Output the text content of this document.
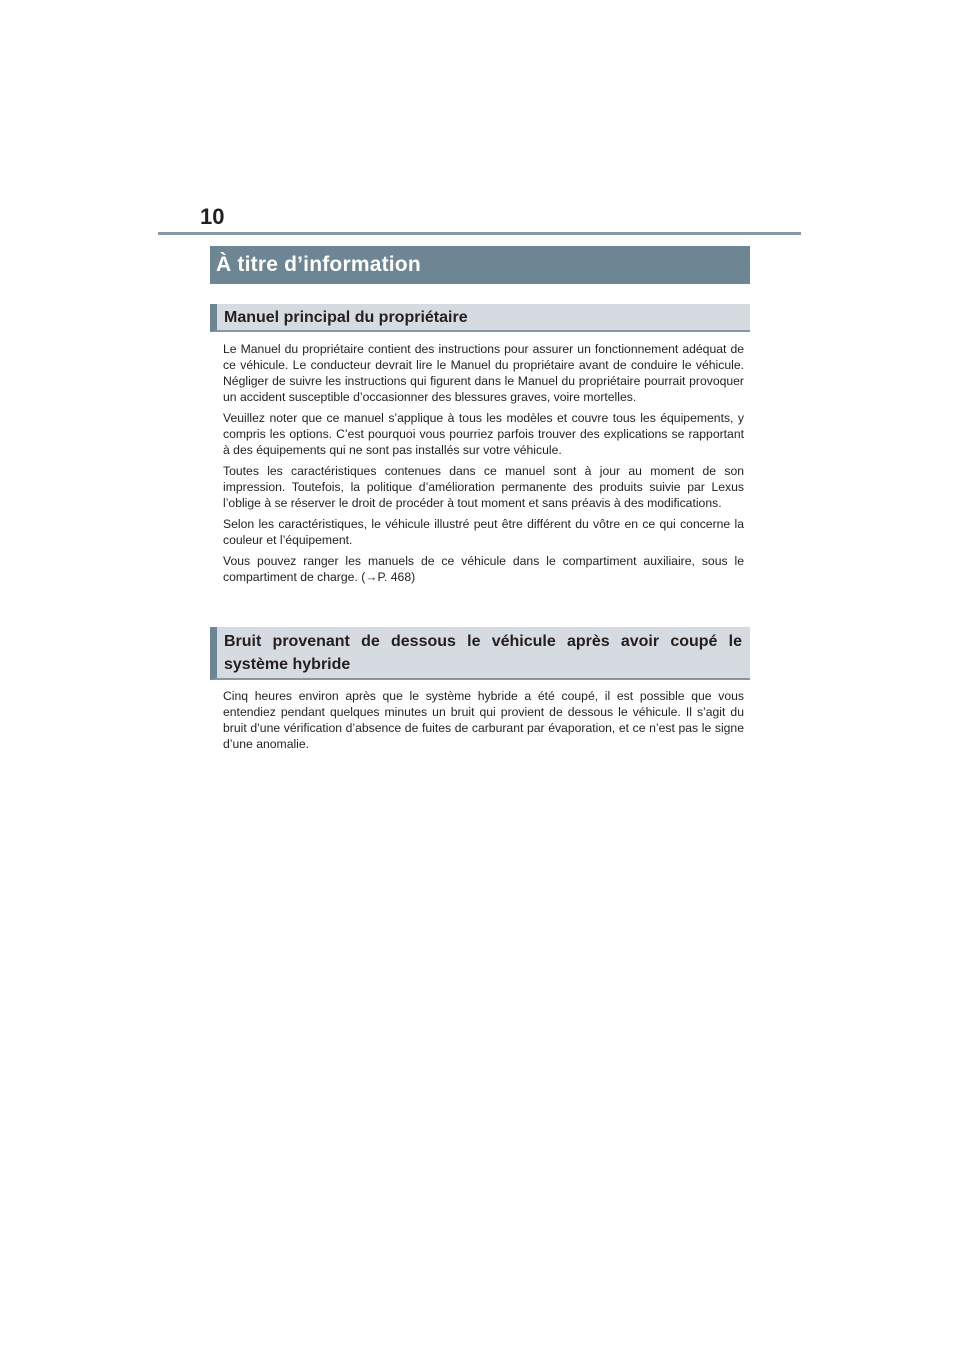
10
À titre d’information
Manuel principal du propriétaire

Le Manuel du propriétaire contient des instructions pour assurer un fonctionnement adéquat de ce véhicule. Le conducteur devrait lire le Manuel du propriétaire avant de conduire le véhicule. Négliger de suivre les instructions qui figurent dans le Manuel du propriétaire pourrait provoquer un accident susceptible d’occasionner des blessures graves, voire mortelles.

Veuillez noter que ce manuel s’applique à tous les modèles et couvre tous les équipements, y compris les options. C’est pourquoi vous pourriez parfois trouver des explications se rapportant à des équipements qui ne sont pas installés sur votre véhicule.

Toutes les caractéristiques contenues dans ce manuel sont à jour au moment de son impression. Toutefois, la politique d’amélioration permanente des produits suivie par Lexus l’oblige à se réserver le droit de procéder à tout moment et sans préavis à des modifications.

Selon les caractéristiques, le véhicule illustré peut être différent du vôtre en ce qui concerne la couleur et l’équipement.

Vous pouvez ranger les manuels de ce véhicule dans le compartiment auxiliaire, sous le compartiment de charge. (→P. 468)

Bruit provenant de dessous le véhicule après avoir coupé le système hybride

Cinq heures environ après que le système hybride a été coupé, il est possible que vous entendiez pendant quelques minutes un bruit qui provient de dessous le véhicule. Il s’agit du bruit d’une vérification d’absence de fuites de carburant par évaporation, et ce n’est pas le signe d’une anomalie.
